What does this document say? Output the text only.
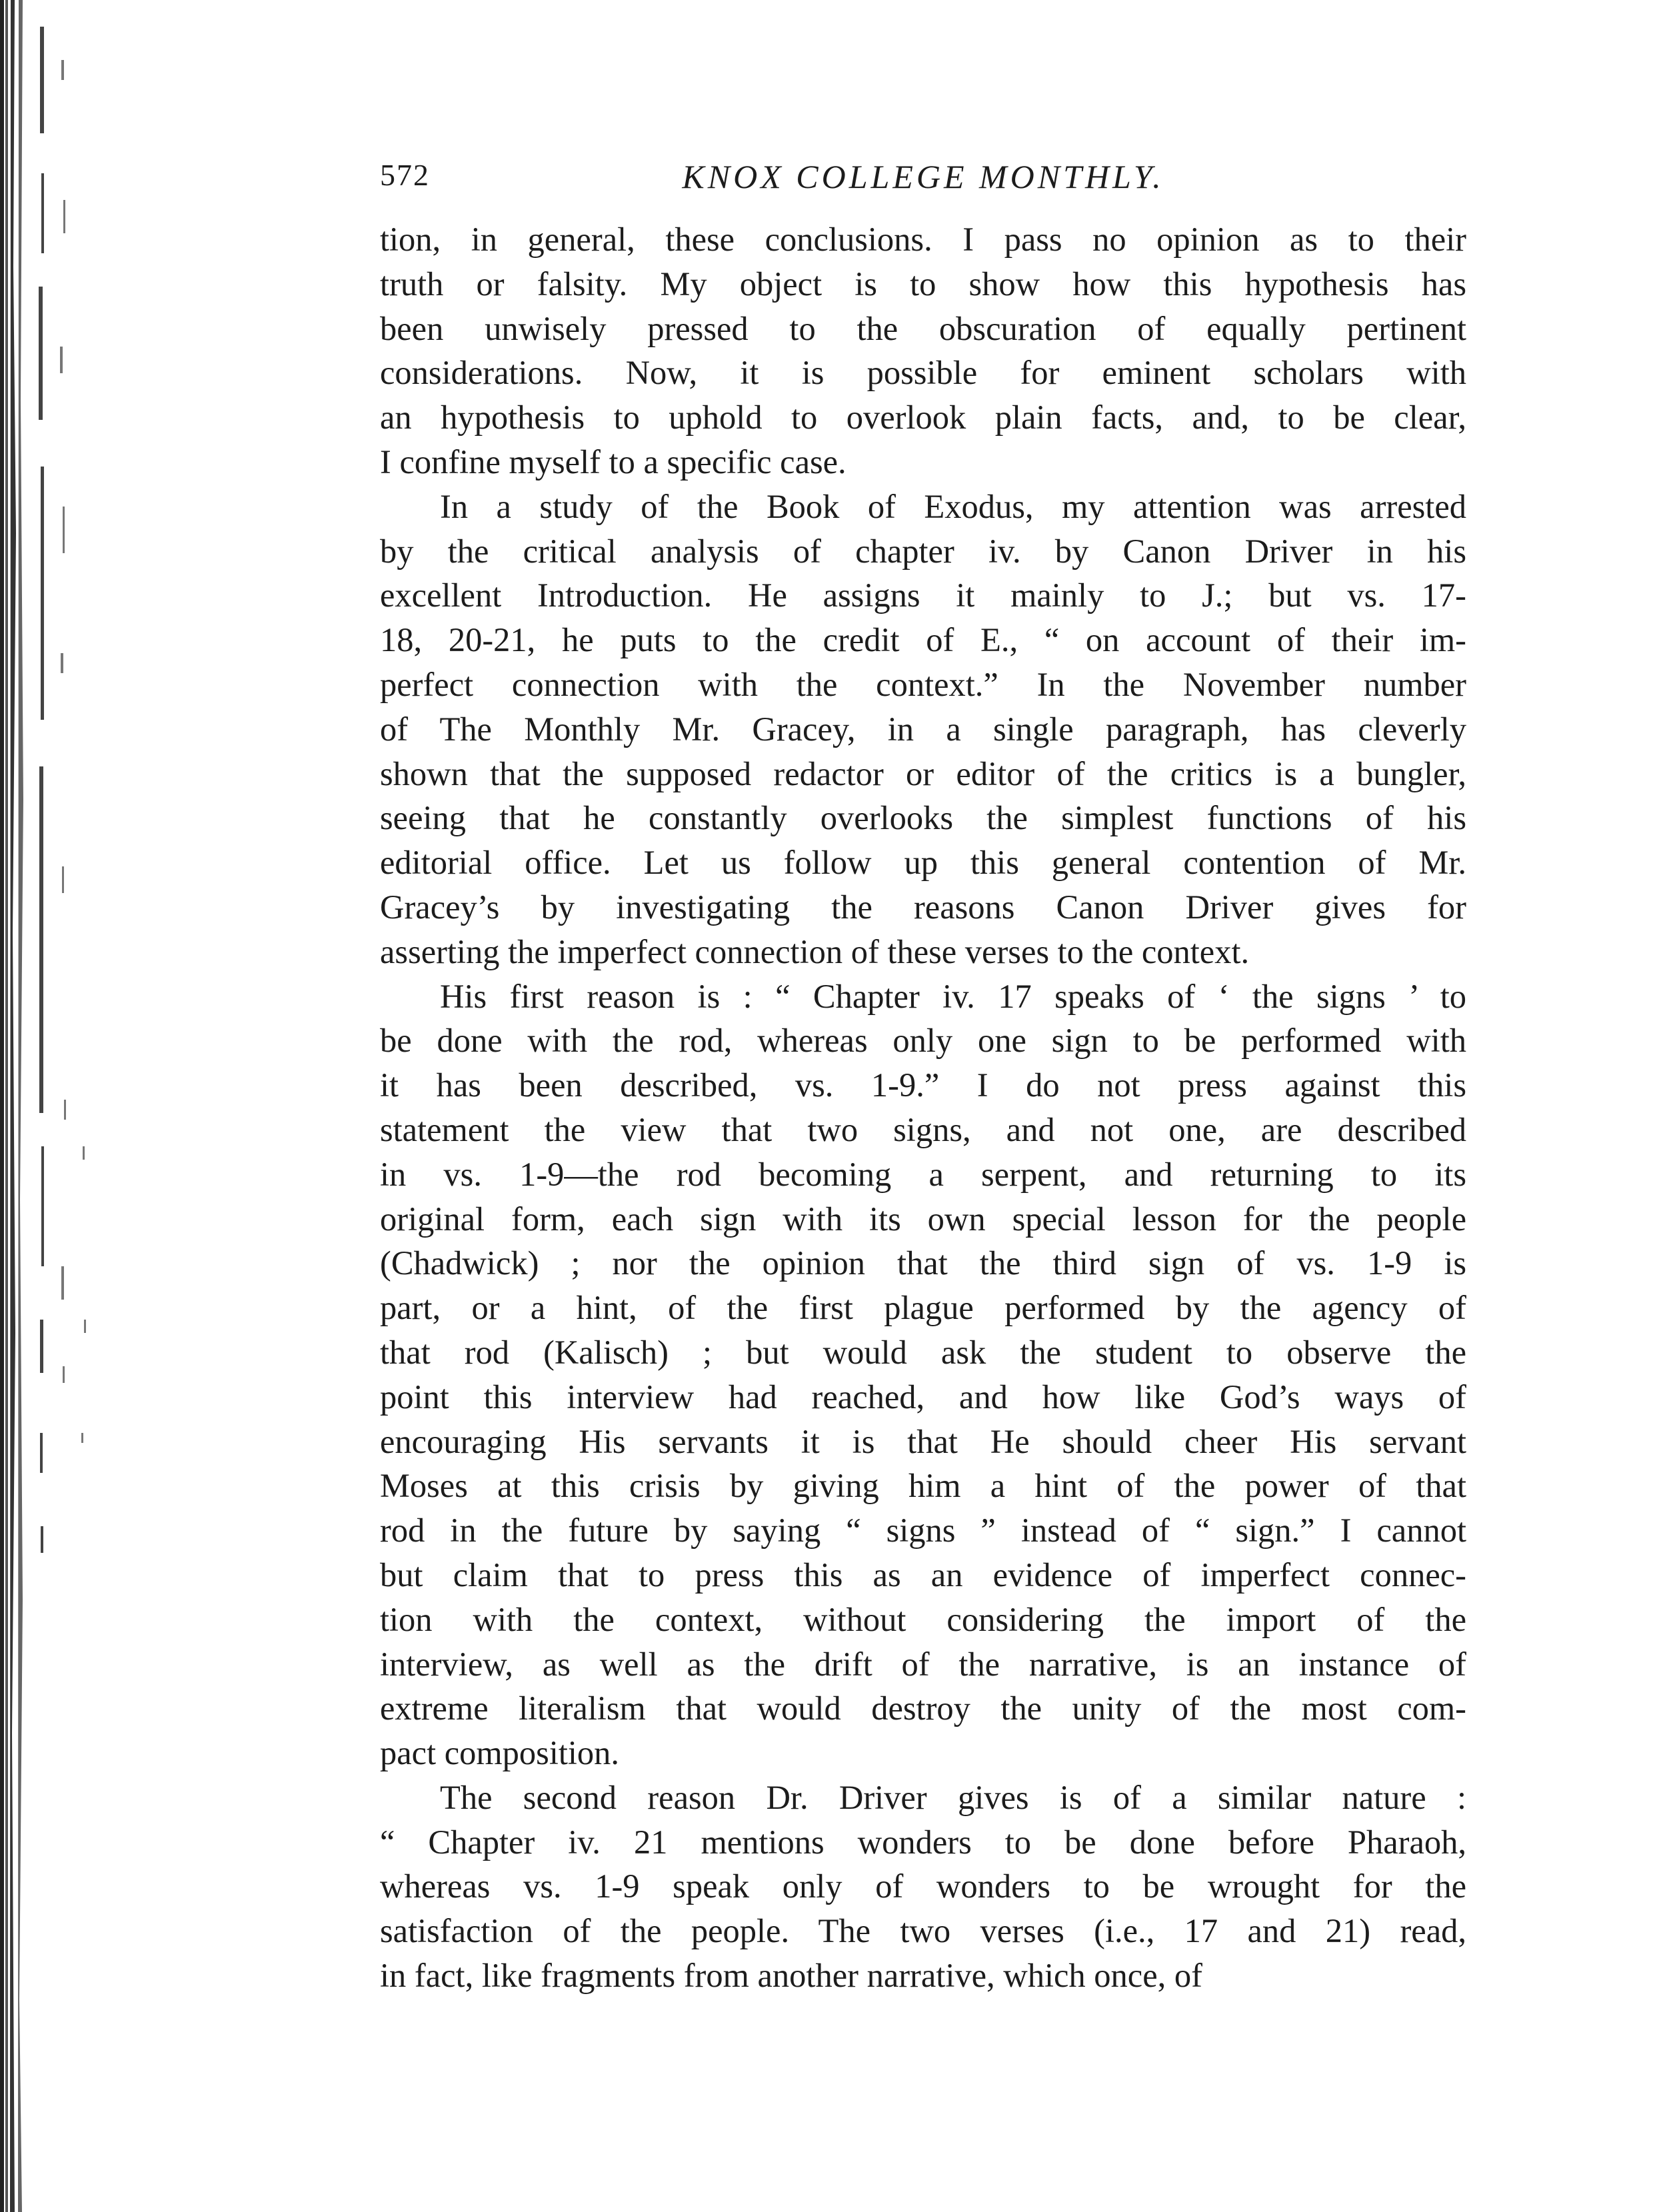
572	KNOX COLLEGE MONTHLY.

tion, in general, these conclusions. I pass no opinion as to their
truth or falsity. My object is to show how this hypothesis has
been unwisely pressed to the obscuration of equally pertinent
considerations. Now, it is possible for eminent scholars with
an hypothesis to uphold to overlook plain facts, and, to be clear,
I confine myself to a specific case.

In a study of the Book of Exodus, my attention was arrested
by the critical analysis of chapter iv. by Canon Driver in his
excellent Introduction. He assigns it mainly to J.; but vs. 17-
18, 20-21, he puts to the credit of E., “ on account of their im-
perfect connection with the context.” In the November number
of The Monthly Mr. Gracey, in a single paragraph, has cleverly
shown that the supposed redactor or editor of the critics is a bungler,
seeing that he constantly overlooks the simplest functions of his
editorial office. Let us follow up this general contention of Mr.
Gracey’s by investigating the reasons Canon Driver gives for
asserting the imperfect connection of these verses to the context.

His first reason is : “ Chapter iv. 17 speaks of ‘ the signs ’ to
be done with the rod, whereas only one sign to be performed with
it has been described, vs. 1-9.” I do not press against this
statement the view that two signs, and not one, are described
in vs. 1-9—the rod becoming a serpent, and returning to its
original form, each sign with its own special lesson for the people
(Chadwick) ; nor the opinion that the third sign of vs. 1-9 is
part, or a hint, of the first plague performed by the agency of
that rod (Kalisch) ; but would ask the student to observe the
point this interview had reached, and how like God’s ways of
encouraging His servants it is that He should cheer His servant
Moses at this crisis by giving him a hint of the power of that
rod in the future by saying “ signs ” instead of “ sign.” I cannot
but claim that to press this as an evidence of imperfect connec-
tion with the context, without considering the import of the
interview, as well as the drift of the narrative, is an instance of
extreme literalism that would destroy the unity of the most com-
pact composition.

The second reason Dr. Driver gives is of a similar nature :
“ Chapter iv. 21 mentions wonders to be done before Pharaoh,
whereas vs. 1-9 speak only of wonders to be wrought for the
satisfaction of the people. The two verses (i.e., 17 and 21) read,
in fact, like fragments from another narrative, which once, of
